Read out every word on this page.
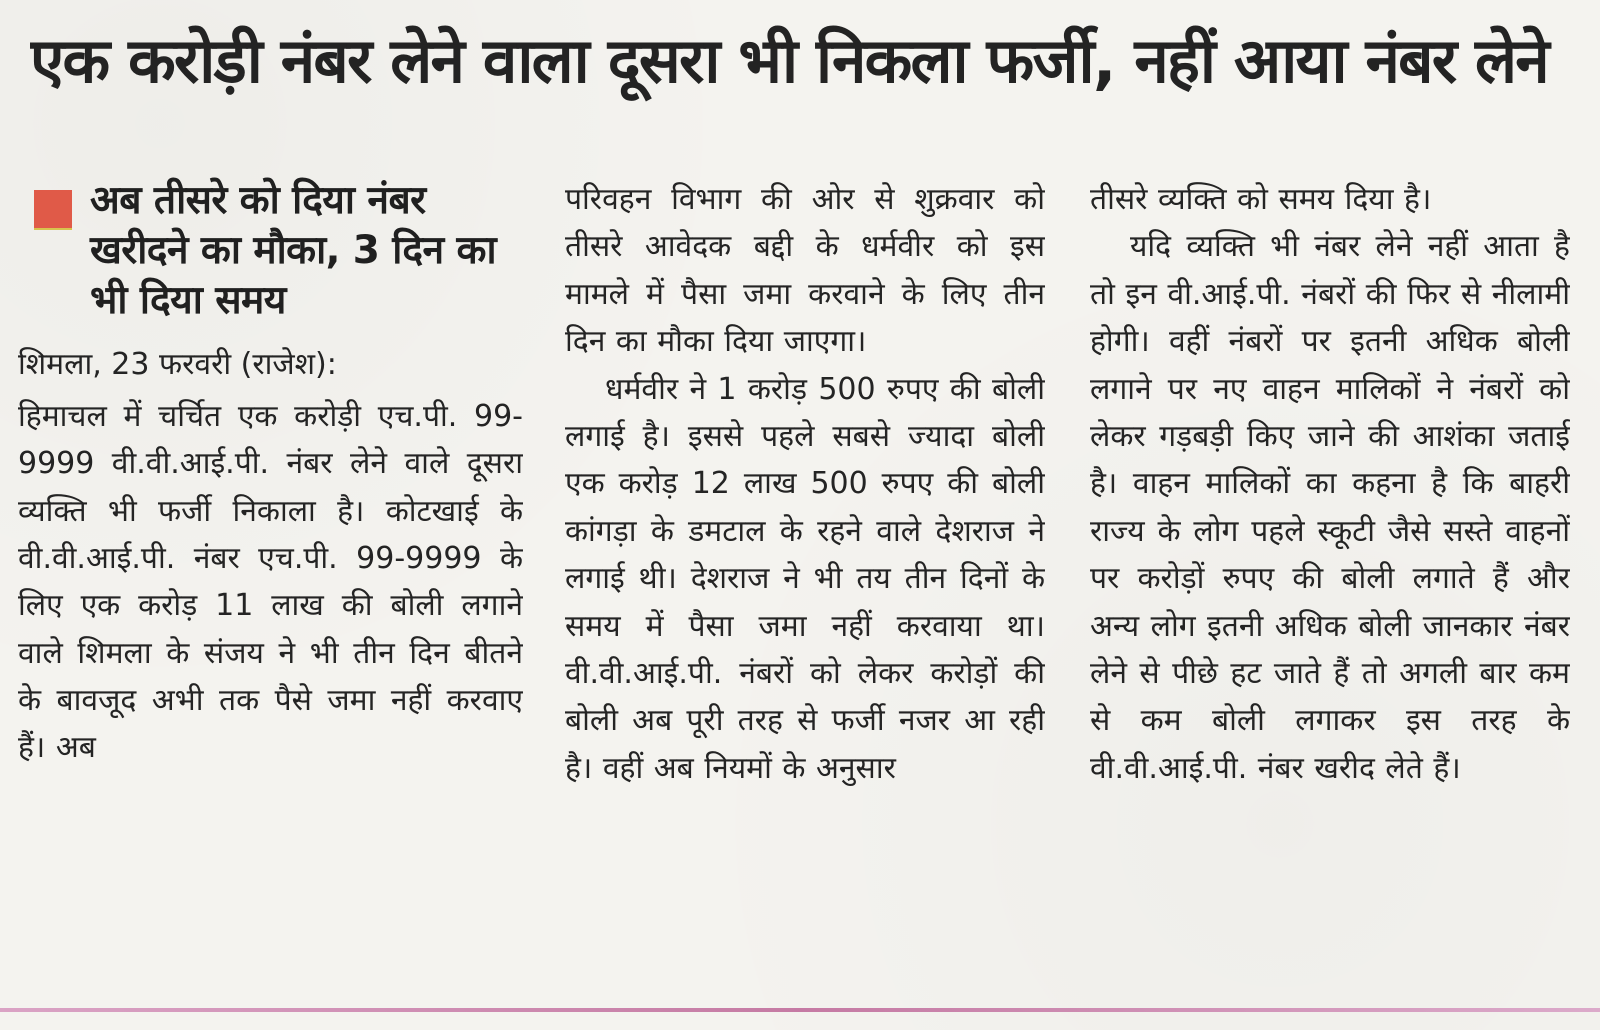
एक करोड़ी नंबर लेने वाला दूसरा भी निकला फर्जी, नहीं आया नंबर लेने
अब तीसरे को दिया नंबर खरीदने का मौका, 3 दिन का भी दिया समय

शिमला, 23 फरवरी (राजेश):

हिमाचल में चर्चित एक करोड़ी एच.पी. 99-9999 वी.वी.आई.पी. नंबर लेने वाले दूसरा व्यक्ति भी फर्जी निकाला है। कोटखाई के वी.वी.आई.पी. नंबर एच.पी. 99-9999 के लिए एक करोड़ 11 लाख की बोली लगाने वाले शिमला के संजय ने भी तीन दिन बीतने के बावजूद अभी तक पैसे जमा नहीं करवाए हैं। अब

परिवहन विभाग की ओर से शुक्रवार को तीसरे आवेदक बद्दी के धर्मवीर को इस मामले में पैसा जमा करवाने के लिए तीन दिन का मौका दिया जाएगा।

धर्मवीर ने 1 करोड़ 500 रुपए की बोली लगाई है। इससे पहले सबसे ज्यादा बोली एक करोड़ 12 लाख 500 रुपए की बोली कांगड़ा के डमटाल के रहने वाले देशराज ने लगाई थी। देशराज ने भी तय तीन दिनों के समय में पैसा जमा नहीं करवाया था। वी.वी.आई.पी. नंबरों को लेकर करोड़ों की बोली अब पूरी तरह से फर्जी नजर आ रही है। वहीं अब नियमों के अनुसार

तीसरे व्यक्ति को समय दिया है।

यदि व्यक्ति भी नंबर लेने नहीं आता है तो इन वी.आई.पी. नंबरों की फिर से नीलामी होगी। वहीं नंबरों पर इतनी अधिक बोली लगाने पर नए वाहन मालिकों ने नंबरों को लेकर गड़बड़ी किए जाने की आशंका जताई है। वाहन मालिकों का कहना है कि बाहरी राज्य के लोग पहले स्कूटी जैसे सस्ते वाहनों पर करोड़ों रुपए की बोली लगाते हैं और अन्य लोग इतनी अधिक बोली जानकार नंबर लेने से पीछे हट जाते हैं तो अगली बार कम से कम बोली लगाकर इस तरह के वी.वी.आई.पी. नंबर खरीद लेते हैं।
